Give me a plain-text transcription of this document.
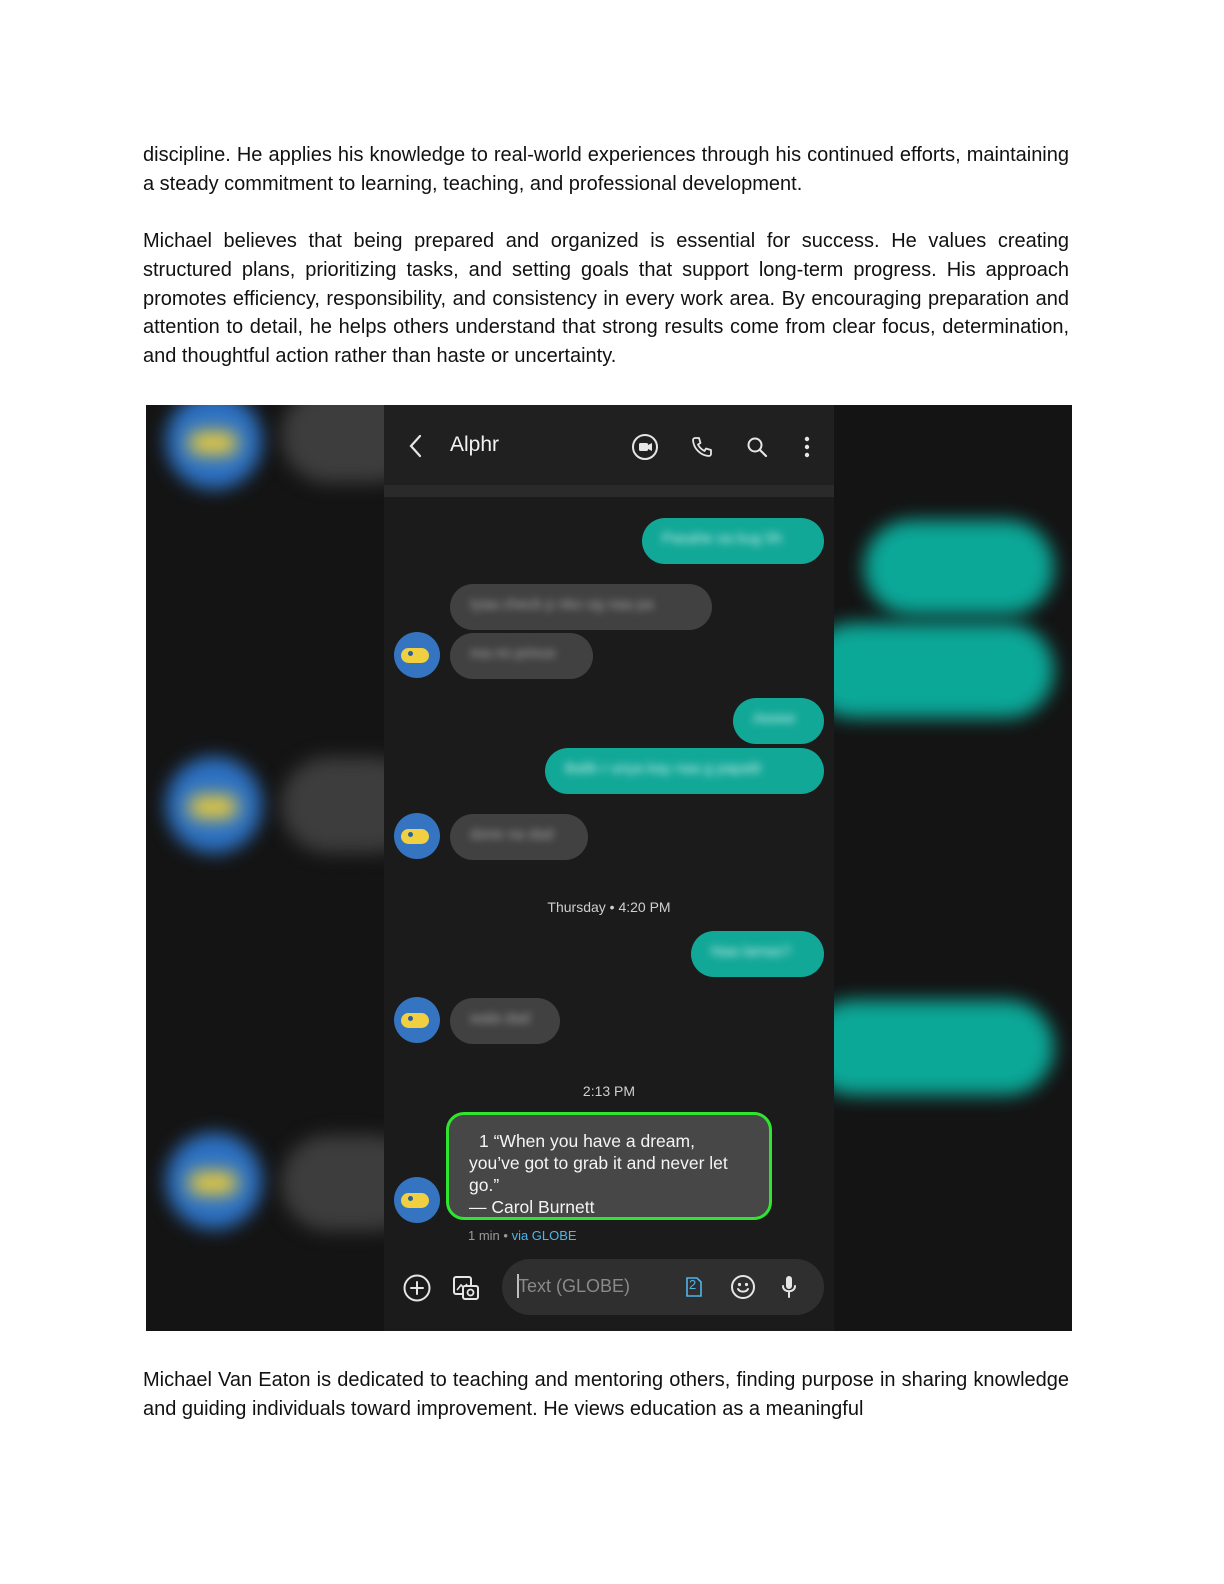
discipline. He applies his knowledge to real-world experiences through his continued efforts, maintaining a steady commitment to learning, teaching, and professional development.

Michael believes that being prepared and organized is essential for success. He values creating structured plans, prioritizing tasks, and setting goals that support long-term progress. His approach promotes efficiency, responsibility, and consistency in every work area. By encouraging preparation and attention to detail, he helps others understand that strong results come from clear focus, determination, and thoughtful action rather than haste or uncertainty.

Alphr
Pasahe sa kug 5h
Iyaa check p nko og naa pa
ma mi prince
Awww
Balik r unya kay naa g papalit
done na dad
Thursday • 4:20 PM
Naa lamas?
wala dad
2:13 PM
1 “When you have a dream,
you’ve got to grab it and never let
go.”
— Carol Burnett
1 min • via GLOBE
Text (GLOBE)	2

Michael Van Eaton is dedicated to teaching and mentoring others, finding purpose in sharing knowledge and guiding individuals toward improvement. He views education as a meaningful
